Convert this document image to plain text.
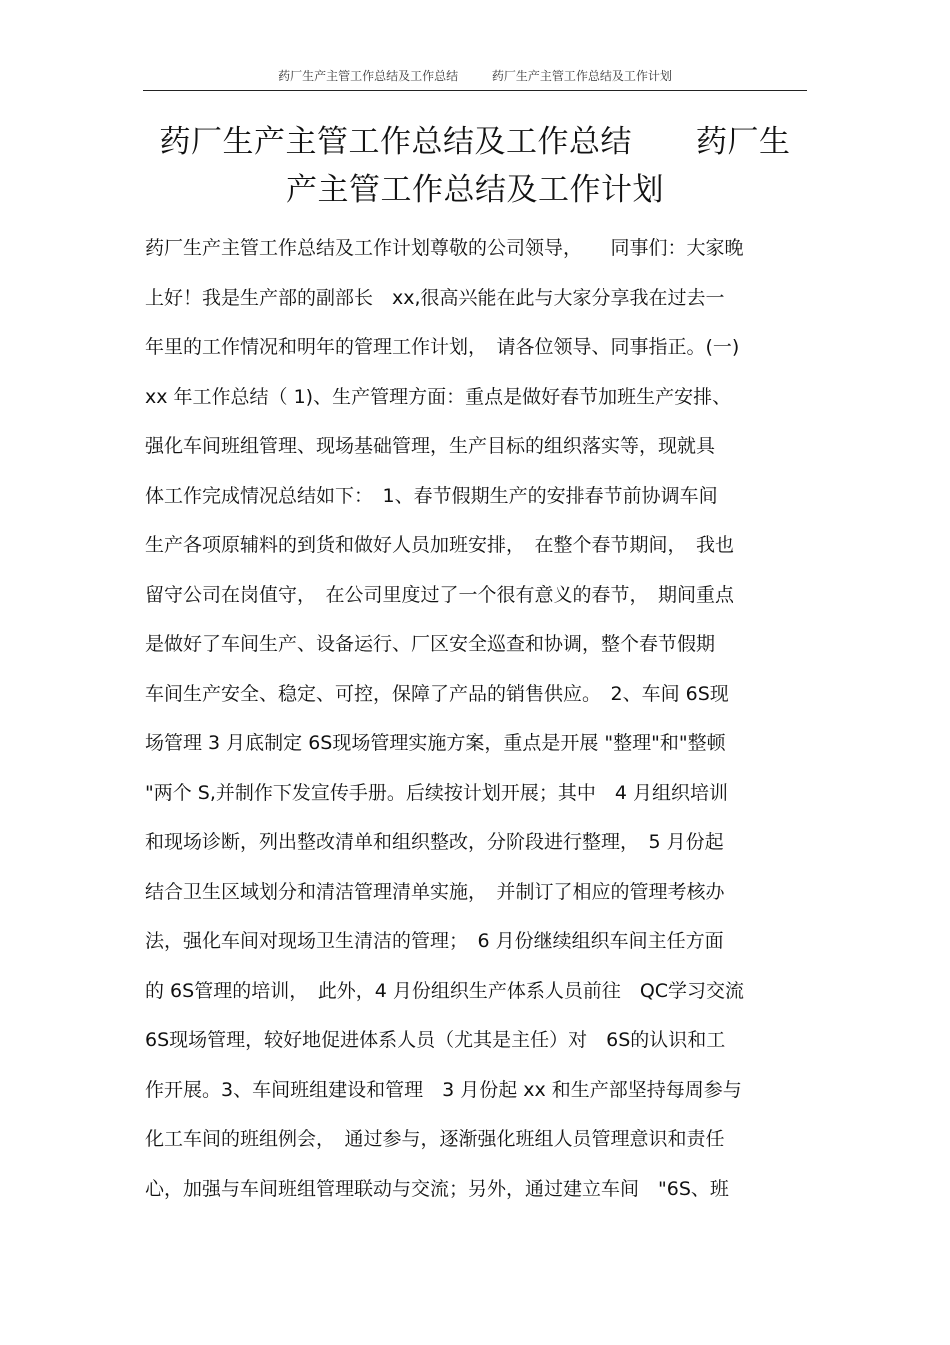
药厂生产主管工作总结及工作总结	药厂生产主管工作总结及工作计划
药厂生产主管工作总结及工作总结 药厂生
产主管工作总结及工作计划
药厂生产主管工作总结及工作计划尊敬的公司领导，　　同事们：大家晚
上好！我是生产部的副部长　xx,很高兴能在此与大家分享我在过去一
年里的工作情况和明年的管理工作计划，　请各位领导、同事指正。(一)
xx 年工作总结（ 1)、生产管理方面：重点是做好春节加班生产安排、
强化车间班组管理、现场基础管理，生产目标的组织落实等，现就具
体工作完成情况总结如下：　1、春节假期生产的安排春节前协调车间
生产各项原辅料的到货和做好人员加班安排，　在整个春节期间，　我也
留守公司在岗值守，　在公司里度过了一个很有意义的春节，　期间重点
是做好了车间生产、设备运行、厂区安全巡查和协调，整个春节假期
车间生产安全、稳定、可控，保障了产品的销售供应。　2、车间 6S现
场管理 3 月底制定 6S现场管理实施方案，重点是开展 "整理"和"整顿
"两个 S,并制作下发宣传手册。后续按计划开展；其中　4 月组织培训
和现场诊断，列出整改清单和组织整改，分阶段进行整理，　5 月份起
结合卫生区域划分和清洁管理清单实施，　并制订了相应的管理考核办
法，强化车间对现场卫生清洁的管理；　6 月份继续组织车间主任方面
的 6S管理的培训，　此外，4 月份组织生产体系人员前往　QC学习交流
6S现场管理，较好地促进体系人员（尤其是主任）对　6S的认识和工
作开展。3、车间班组建设和管理　3 月份起 xx 和生产部坚持每周参与
化工车间的班组例会，　通过参与，逐渐强化班组人员管理意识和责任
心，加强与车间班组管理联动与交流；另外，通过建立车间　"6S、班
